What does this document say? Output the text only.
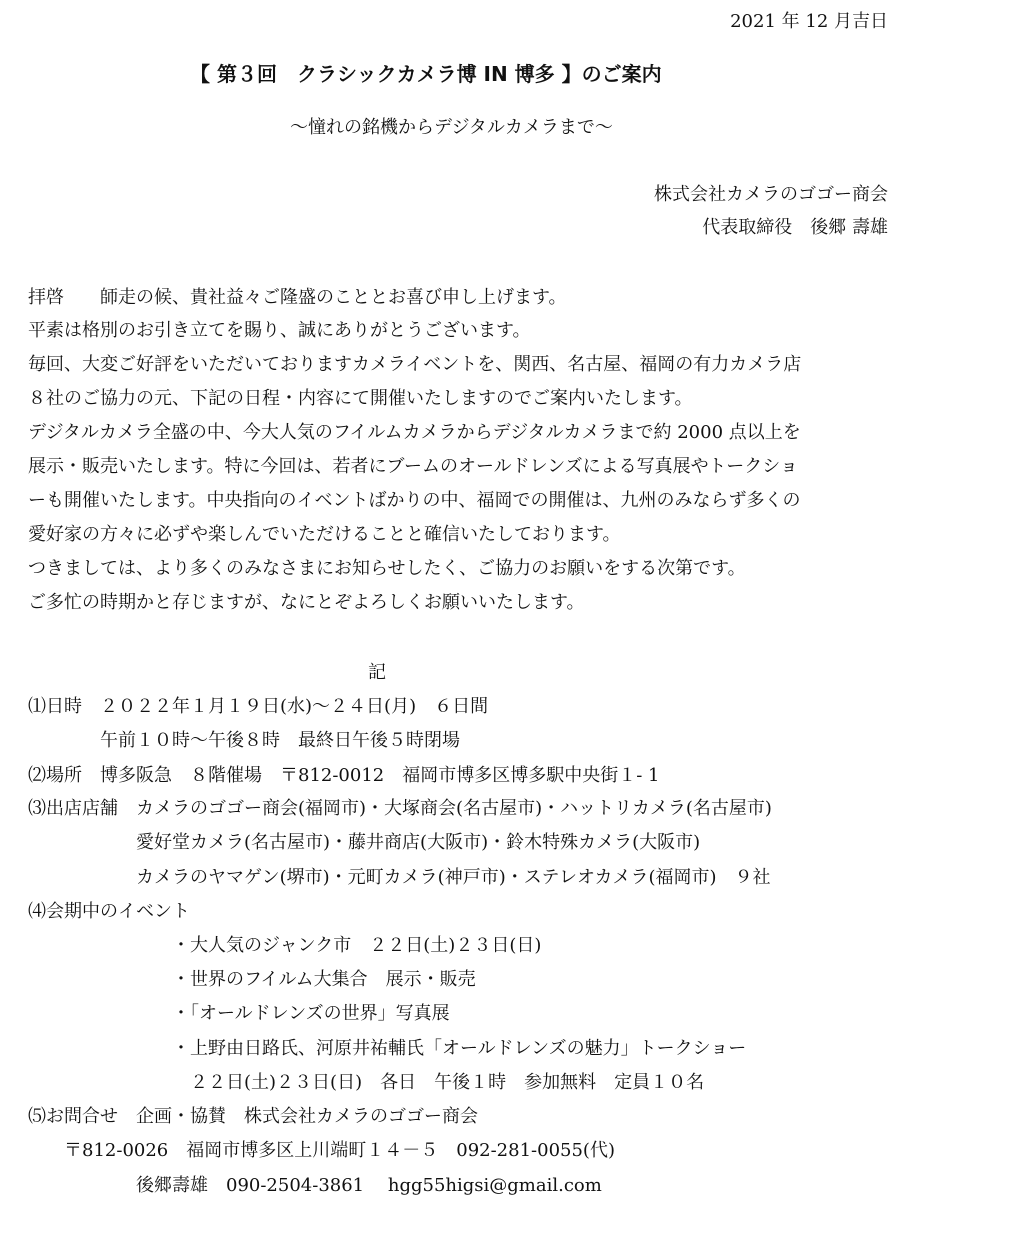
2021 年 12 月吉日
【 第３回　クラシックカメラ博 IN 博多 】のご案内
〜憧れの銘機からデジタルカメラまで〜
株式会社カメラのゴゴー商会
代表取締役　後郷 壽雄
拝啓　　師走の候、貴社益々ご隆盛のこととお喜び申し上げます。
平素は格別のお引き立てを賜り、誠にありがとうございます。
毎回、大変ご好評をいただいておりますカメライベントを、関西、名古屋、福岡の有力カメラ店
８社のご協力の元、下記の日程・内容にて開催いたしますのでご案内いたします。
デジタルカメラ全盛の中、今大人気のフイルムカメラからデジタルカメラまで約 2000 点以上を
展示・販売いたします。特に今回は、若者にブームのオールドレンズによる写真展やトークショ
ーも開催いたします。中央指向のイベントばかりの中、福岡での開催は、九州のみならず多くの
愛好家の方々に必ずや楽しんでいただけることと確信いたしております。
つきましては、より多くのみなさまにお知らせしたく、ご協力のお願いをする次第です。
ご多忙の時期かと存じますが、なにとぞよろしくお願いいたします。
記
⑴日時　２０２２年１月１９日(水)〜２４日(月)　６日間
　　　　午前１０時〜午後８時　最終日午後５時閉場
⑵場所　博多阪急　８階催場　〒812-0012　福岡市博多区博多駅中央街１- 1
⑶出店店舗　カメラのゴゴー商会(福岡市)・大塚商会(名古屋市)・ハットリカメラ(名古屋市)
　　　　　　愛好堂カメラ(名古屋市)・藤井商店(大阪市)・鈴木特殊カメラ(大阪市)
　　　　　　カメラのヤマゲン(堺市)・元町カメラ(神戸市)・ステレオカメラ(福岡市)　９社
⑷会期中のイベント
　　　　　　　　・大人気のジャンク市　２２日(土)２３日(日)
　　　　　　　　・世界のフイルム大集合　展示・販売
　　　　　　　　・「オールドレンズの世界」写真展
　　　　　　　　・上野由日路氏、河原井祐輔氏「オールドレンズの魅力」トークショー
　　　　　　　　　２２日(土)２３日(日)　各日　午後１時　参加無料　定員１０名
⑸お問合せ　企画・協賛　株式会社カメラのゴゴー商会
　　〒812-0026　福岡市博多区上川端町１４－５　092-281-0055(代)
　　　　　　後郷壽雄　090-2504-3861　 hgg55higsi@gmail.com
